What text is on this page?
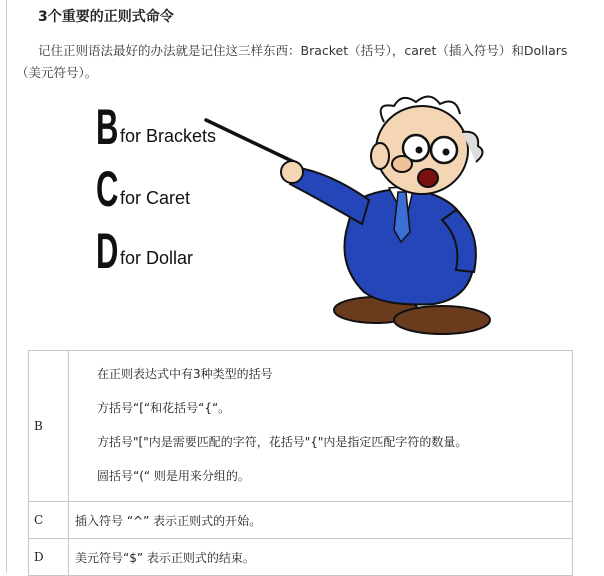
3个重要的正则式命令
记住正则语法最好的办法就是记住这三样东西：Bracket（括号），caret（插入符号）和Dollars（美元符号）。
B for Brackets
C for Caret
D for Dollar
B	在正则表达式中有3种类型的括号

方括号“[“和花括号“{“。

方括号"["内是需要匹配的字符，花括号"{"内是指定匹配字符的数量。

圆括号“(“ 则是用来分组的。

C	插入符号 “^” 表示正则式的开始。
D	美元符号“$” 表示正则式的结束。
